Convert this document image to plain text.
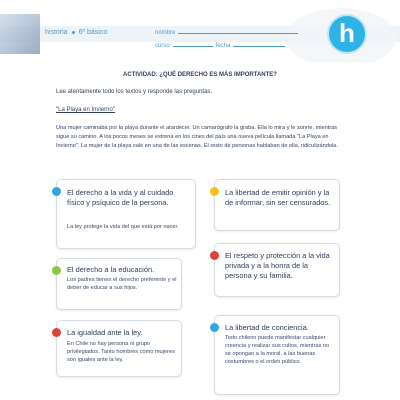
historia 6º básico	nombre
curso	fecha	h
ACTIVIDAD: ¿QUÉ DERECHO ES MÁS IMPORTANTE?
Lee atentamente todo los textos y responde las preguntas.
"La Playa en Invierno"
Una mujer caminaba por la playa durante el atardecer. Un camarógrafo la graba. Ella lo mira y le sonríe, mientras sigue su camino. A los pocos meses se estrena en los cines del país una nueva película llamada "La Playa en Invierno". La mujer de la playa sale en una de las escenas. El resto de personas hablaban de ella, ridiculizándola.
El derecho a la vida y al cuidado físico y psíquico de la persona.
La ley protege la vida del que está por nacer.
La libertad de emitir opinión y la de informar, sin ser censurados.
El derecho a la educación.
Los padres tienen el derecho preferente y el deber de educar a sus hijos.
El respeto y protección a la vida privada y a la honra de la persona y su familia.
La igualdad ante la ley.
En Chile no hay persona ni grupo privilegiados. Tanto hombres como mujeres son iguales ante la ley.
La libertad de conciencia.
Todo chileno puede manifestar cualquier creencia y realizar sus cultos, mientras no se opongan a la moral, a las buenas costumbres o el orden público.
